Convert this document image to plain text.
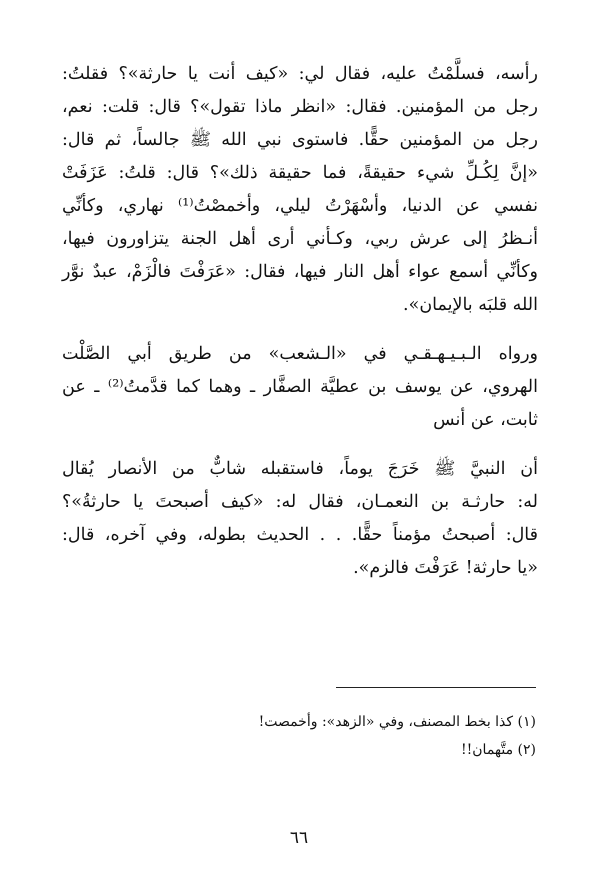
رأسه، فسلَّمْتُ عليه، فقال لي: «كيف أنت يا حارثة»؟ فقلتُ:
رجل من المؤمنين. فقال: «انظر ماذا تقول»؟ قال: قلت: نعم،
رجل من المؤمنين حقًّا. فاستوى نبي الله ﷺ جالساً، ثم قال:
«إنَّ لِكُـلِّ شيء حقيقةً، فما حقيقة ذلك»؟ قال: قلتُ: عَزَفَتْ
نفسي عن الدنيا، وأسْهَرْتُ ليلي، وأخمصْتُ⁽¹⁾ نهاري، وكأنِّي
أنـظرُ إلى عرش ربي، وكـأني أرى أهل الجنة يتزاورون فيها،
وكأنِّي أسمع عواء أهل النار فيها، فقال: «عَرَفْتَ فالْزَمْ، عبدٌ نوَّر
الله قلبَه بالإيمان».

ورواه الـبـيـهـقـي في «الـشعب» من طريق أبي الصَّلْت
الهروي، عن يوسف بن عطيَّة الصفَّار ـ وهما كما قدَّمتُ⁽²⁾ ـ عن
ثابت، عن أنس

أن النبيَّ ﷺ خَرَجَ يوماً، فاستقبله شابٌّ من الأنصار يُقال
له: حارثـة بن النعمـان، فقال له: «كيف أصبحتَ يا حارثةُ»؟
قال: أصبحتُ مؤمناً حقًّا. . . الحديث بطوله، وفي آخره، قال:
«يا حارثة! عَرَفْتَ فالزم».

(١) كذا بخط المصنف، وفي «الزهد»: وأخمصت!
(٢) متَّهمان!!
٦٦
